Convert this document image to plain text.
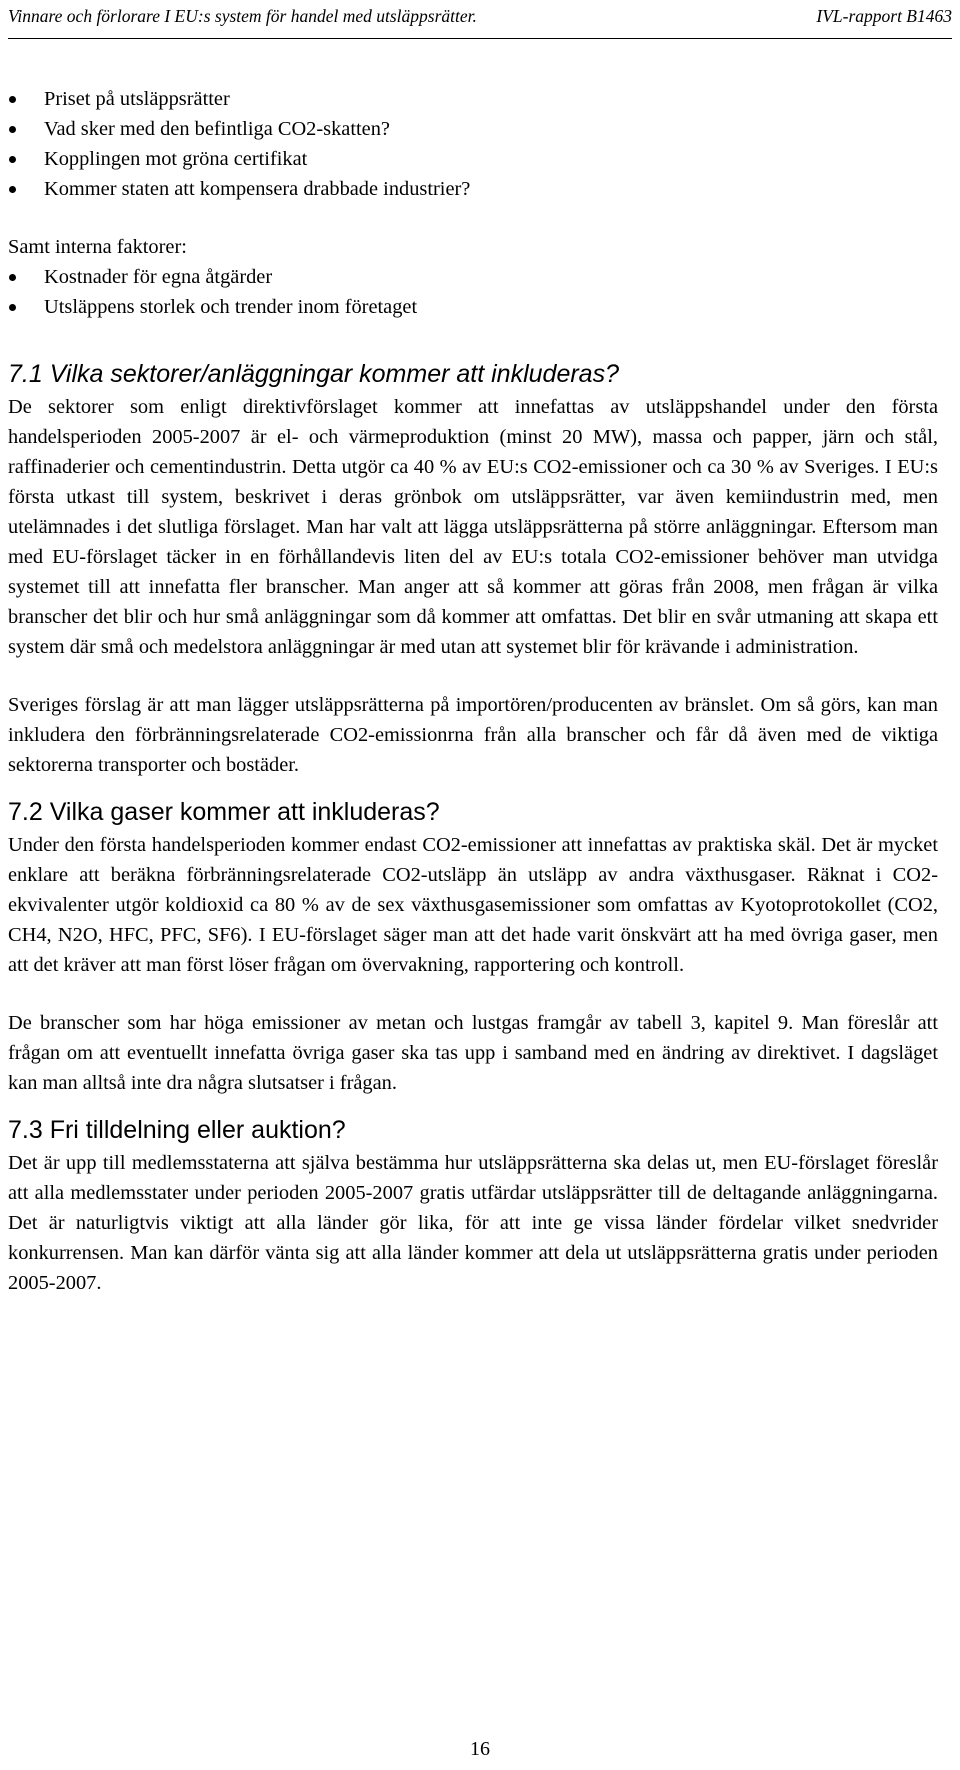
Vinnare och förlorare I EU:s system för handel med utsläppsrätter.	IVL-rapport B1463
Priset på utsläppsrätter
Vad sker med den befintliga CO2-skatten?
Kopplingen mot gröna certifikat
Kommer staten att kompensera drabbade industrier?

Samt interna faktorer:

Kostnader för egna åtgärder
Utsläppens storlek och trender inom företaget
7.1 Vilka sektorer/anläggningar kommer att inkluderas?

De sektorer som enligt direktivförslaget kommer att innefattas av utsläppshandel under den första handelsperioden 2005-2007 är el- och värmeproduktion (minst 20 MW), massa och papper, järn och stål, raffinaderier och cementindustrin. Detta utgör ca 40 % av EU:s CO2-emissioner och ca 30 % av Sveriges. I EU:s första utkast till system, beskrivet i deras grönbok om utsläppsrätter, var även kemiindustrin med, men utelämnades i det slutliga förslaget. Man har valt att lägga utsläppsrätterna på större anläggningar. Eftersom man med EU-förslaget täcker in en förhållandevis liten del av EU:s totala CO2-emissioner behöver man utvidga systemet till att innefatta fler branscher. Man anger att så kommer att göras från 2008, men frågan är vilka branscher det blir och hur små anläggningar som då kommer att omfattas. Det blir en svår utmaning att skapa ett system där små och medelstora anläggningar är med utan att systemet blir för krävande i administration.

Sveriges förslag är att man lägger utsläppsrätterna på importören/producenten av bränslet. Om så görs, kan man inkludera den förbränningsrelaterade CO2-emissionrna från alla branscher och får då även med de viktiga sektorerna transporter och bostäder.

7.2 Vilka gaser kommer att inkluderas?

Under den första handelsperioden kommer endast CO2-emissioner att innefattas av praktiska skäl. Det är mycket enklare att beräkna förbränningsrelaterade CO2-utsläpp än utsläpp av andra växthusgaser. Räknat i CO2-ekvivalenter utgör koldioxid ca 80 % av de sex växthusgasemissioner som omfattas av Kyotoprotokollet (CO2, CH4, N2O, HFC, PFC, SF6). I EU-förslaget säger man att det hade varit önskvärt att ha med övriga gaser, men att det kräver att man först löser frågan om övervakning, rapportering och kontroll.

De branscher som har höga emissioner av metan och lustgas framgår av tabell 3, kapitel 9. Man föreslår att frågan om att eventuellt innefatta övriga gaser ska tas upp i samband med en ändring av direktivet. I dagsläget kan man alltså inte dra några slutsatser i frågan.

7.3 Fri tilldelning eller auktion?

Det är upp till medlemsstaterna att själva bestämma hur utsläppsrätterna ska delas ut, men EU-förslaget föreslår att alla medlemsstater under perioden 2005-2007 gratis utfärdar utsläppsrätter till de deltagande anläggningarna. Det är naturligtvis viktigt att alla länder gör lika, för att inte ge vissa länder fördelar vilket snedvrider konkurrensen. Man kan därför vänta sig att alla länder kommer att dela ut utsläppsrätterna gratis under perioden 2005-2007.

16
